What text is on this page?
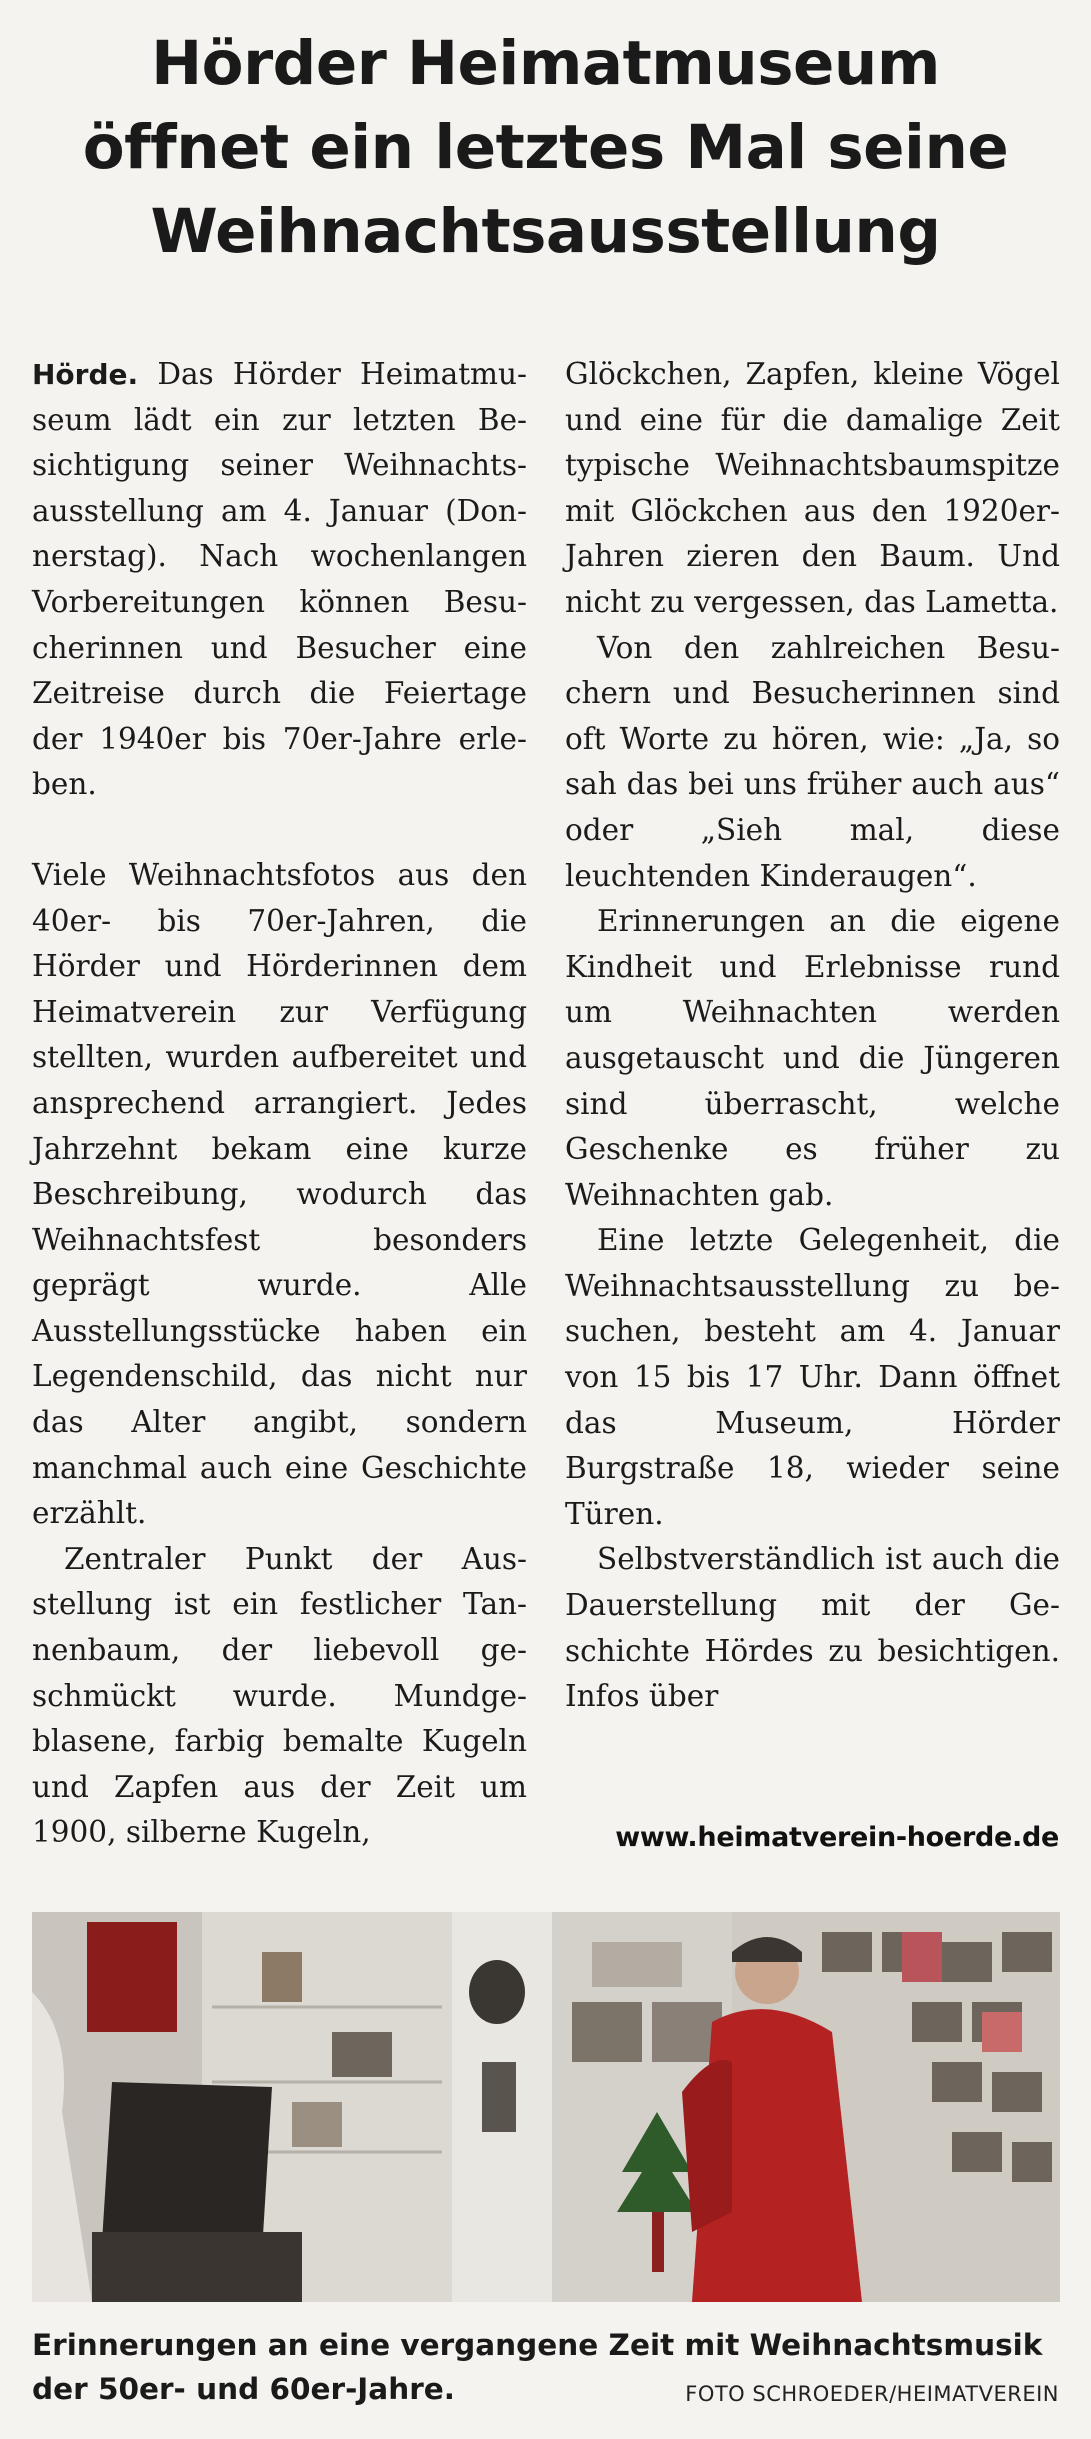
Hörder Heimatmuseum
öffnet ein letztes Mal seine
Weihnachtsausstellung

Hörde. Das Hörder Heimatmuseum lädt ein zur letzten Besichtigung seiner Weihnachtsausstellung am 4. Januar (Donnerstag). Nach wochenlangen Vorbereitungen können Besucherinnen und Besucher eine Zeitreise durch die Feiertage der 1940er bis 70er-Jahre erleben.

Viele Weihnachtsfotos aus den 40er- bis 70er-Jahren, die Hörder und Hörderinnen dem Heimatverein zur Verfügung stellten, wurden aufbereitet und ansprechend arrangiert. Jedes Jahrzehnt bekam eine kurze Beschreibung, wodurch das Weihnachtsfest besonders geprägt wurde. Alle Ausstellungsstücke haben ein Legendenschild, das nicht nur das Alter angibt, sondern manchmal auch eine Geschichte erzählt.

Zentraler Punkt der Ausstellung ist ein festlicher Tannenbaum, der liebevoll geschmückt wurde. Mundgeblasene, farbig bemalte Kugeln und Zapfen aus der Zeit um 1900, silberne Kugeln,

Glöckchen, Zapfen, kleine Vögel und eine für die damalige Zeit typische Weihnachtsbaumspitze mit Glöckchen aus den 1920er-Jahren zieren den Baum. Und nicht zu vergessen, das Lametta.

Von den zahlreichen Besuchern und Besucherinnen sind oft Worte zu hören, wie: „Ja, so sah das bei uns früher auch aus“ oder „Sieh mal, diese leuchtenden Kinderaugen“.

Erinnerungen an die eigene Kindheit und Erlebnisse rund um Weihnachten werden ausgetauscht und die Jüngeren sind überrascht, welche Geschenke es früher zu Weihnachten gab.

Eine letzte Gelegenheit, die Weihnachtsausstellung zu besuchen, besteht am 4. Januar von 15 bis 17 Uhr. Dann öffnet das Museum, Hörder Burgstraße 18, wieder seine Türen.

Selbstverständlich ist auch die Dauerstellung mit der Geschichte Hördes zu besichtigen. Infos über

www.heimatverein-hoerde.de
Erinnerungen an eine vergangene Zeit mit Weihnachtsmusik der 50er- und 60er-Jahre.	FOTO SCHROEDER/HEIMATVEREIN
